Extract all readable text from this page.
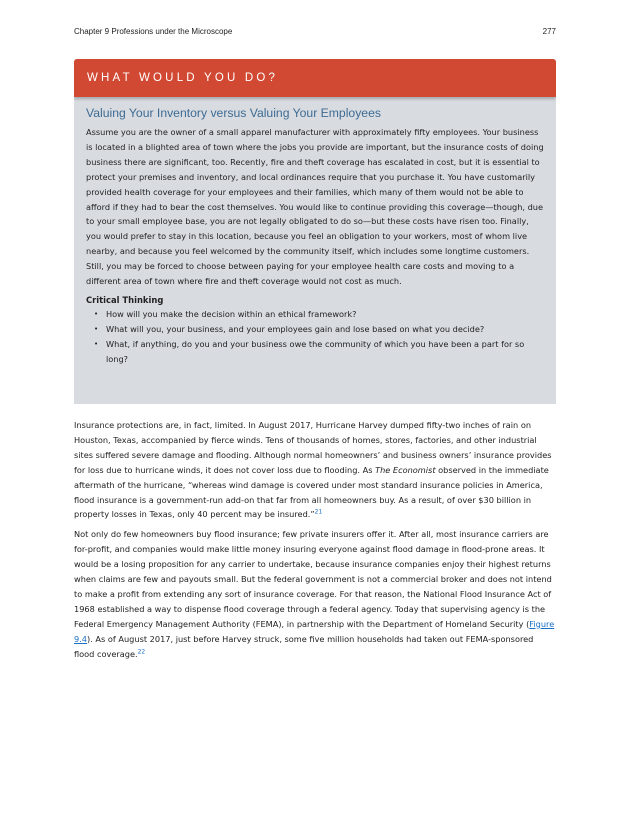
Chapter 9 Professions under the Microscope	277
WHAT WOULD YOU DO?
Valuing Your Inventory versus Valuing Your Employees

Assume you are the owner of a small apparel manufacturer with approximately fifty employees. Your business is located in a blighted area of town where the jobs you provide are important, but the insurance costs of doing business there are significant, too. Recently, fire and theft coverage has escalated in cost, but it is essential to protect your premises and inventory, and local ordinances require that you purchase it. You have customarily provided health coverage for your employees and their families, which many of them would not be able to afford if they had to bear the cost themselves. You would like to continue providing this coverage—though, due to your small employee base, you are not legally obligated to do so—but these costs have risen too. Finally, you would prefer to stay in this location, because you feel an obligation to your workers, most of whom live nearby, and because you feel welcomed by the community itself, which includes some longtime customers. Still, you may be forced to choose between paying for your employee health care costs and moving to a different area of town where fire and theft coverage would not cost as much.

Critical Thinking
• How will you make the decision within an ethical framework?
• What will you, your business, and your employees gain and lose based on what you decide?
• What, if anything, do you and your business owe the community of which you have been a part for so long?

Insurance protections are, in fact, limited. In August 2017, Hurricane Harvey dumped fifty-two inches of rain on Houston, Texas, accompanied by fierce winds. Tens of thousands of homes, stores, factories, and other industrial sites suffered severe damage and flooding. Although normal homeowners’ and business owners’ insurance provides for loss due to hurricane winds, it does not cover loss due to flooding. As The Economist observed in the immediate aftermath of the hurricane, “whereas wind damage is covered under most standard insurance policies in America, flood insurance is a government-run add-on that far from all homeowners buy. As a result, of over $30 billion in property losses in Texas, only 40 percent may be insured.”$^{21}$

Not only do few homeowners buy flood insurance; few private insurers offer it. After all, most insurance carriers are for-profit, and companies would make little money insuring everyone against flood damage in flood-prone areas. It would be a losing proposition for any carrier to undertake, because insurance companies enjoy their highest returns when claims are few and payouts small. But the federal government is not a commercial broker and does not intend to make a profit from extending any sort of insurance coverage. For that reason, the National Flood Insurance Act of 1968 established a way to dispense flood coverage through a federal agency. Today that supervising agency is the Federal Emergency Management Authority (FEMA), in partnership with the Department of Homeland Security (Figure 9.4). As of August 2017, just before Harvey struck, some five million households had taken out FEMA-sponsored flood coverage.$^{22}$
